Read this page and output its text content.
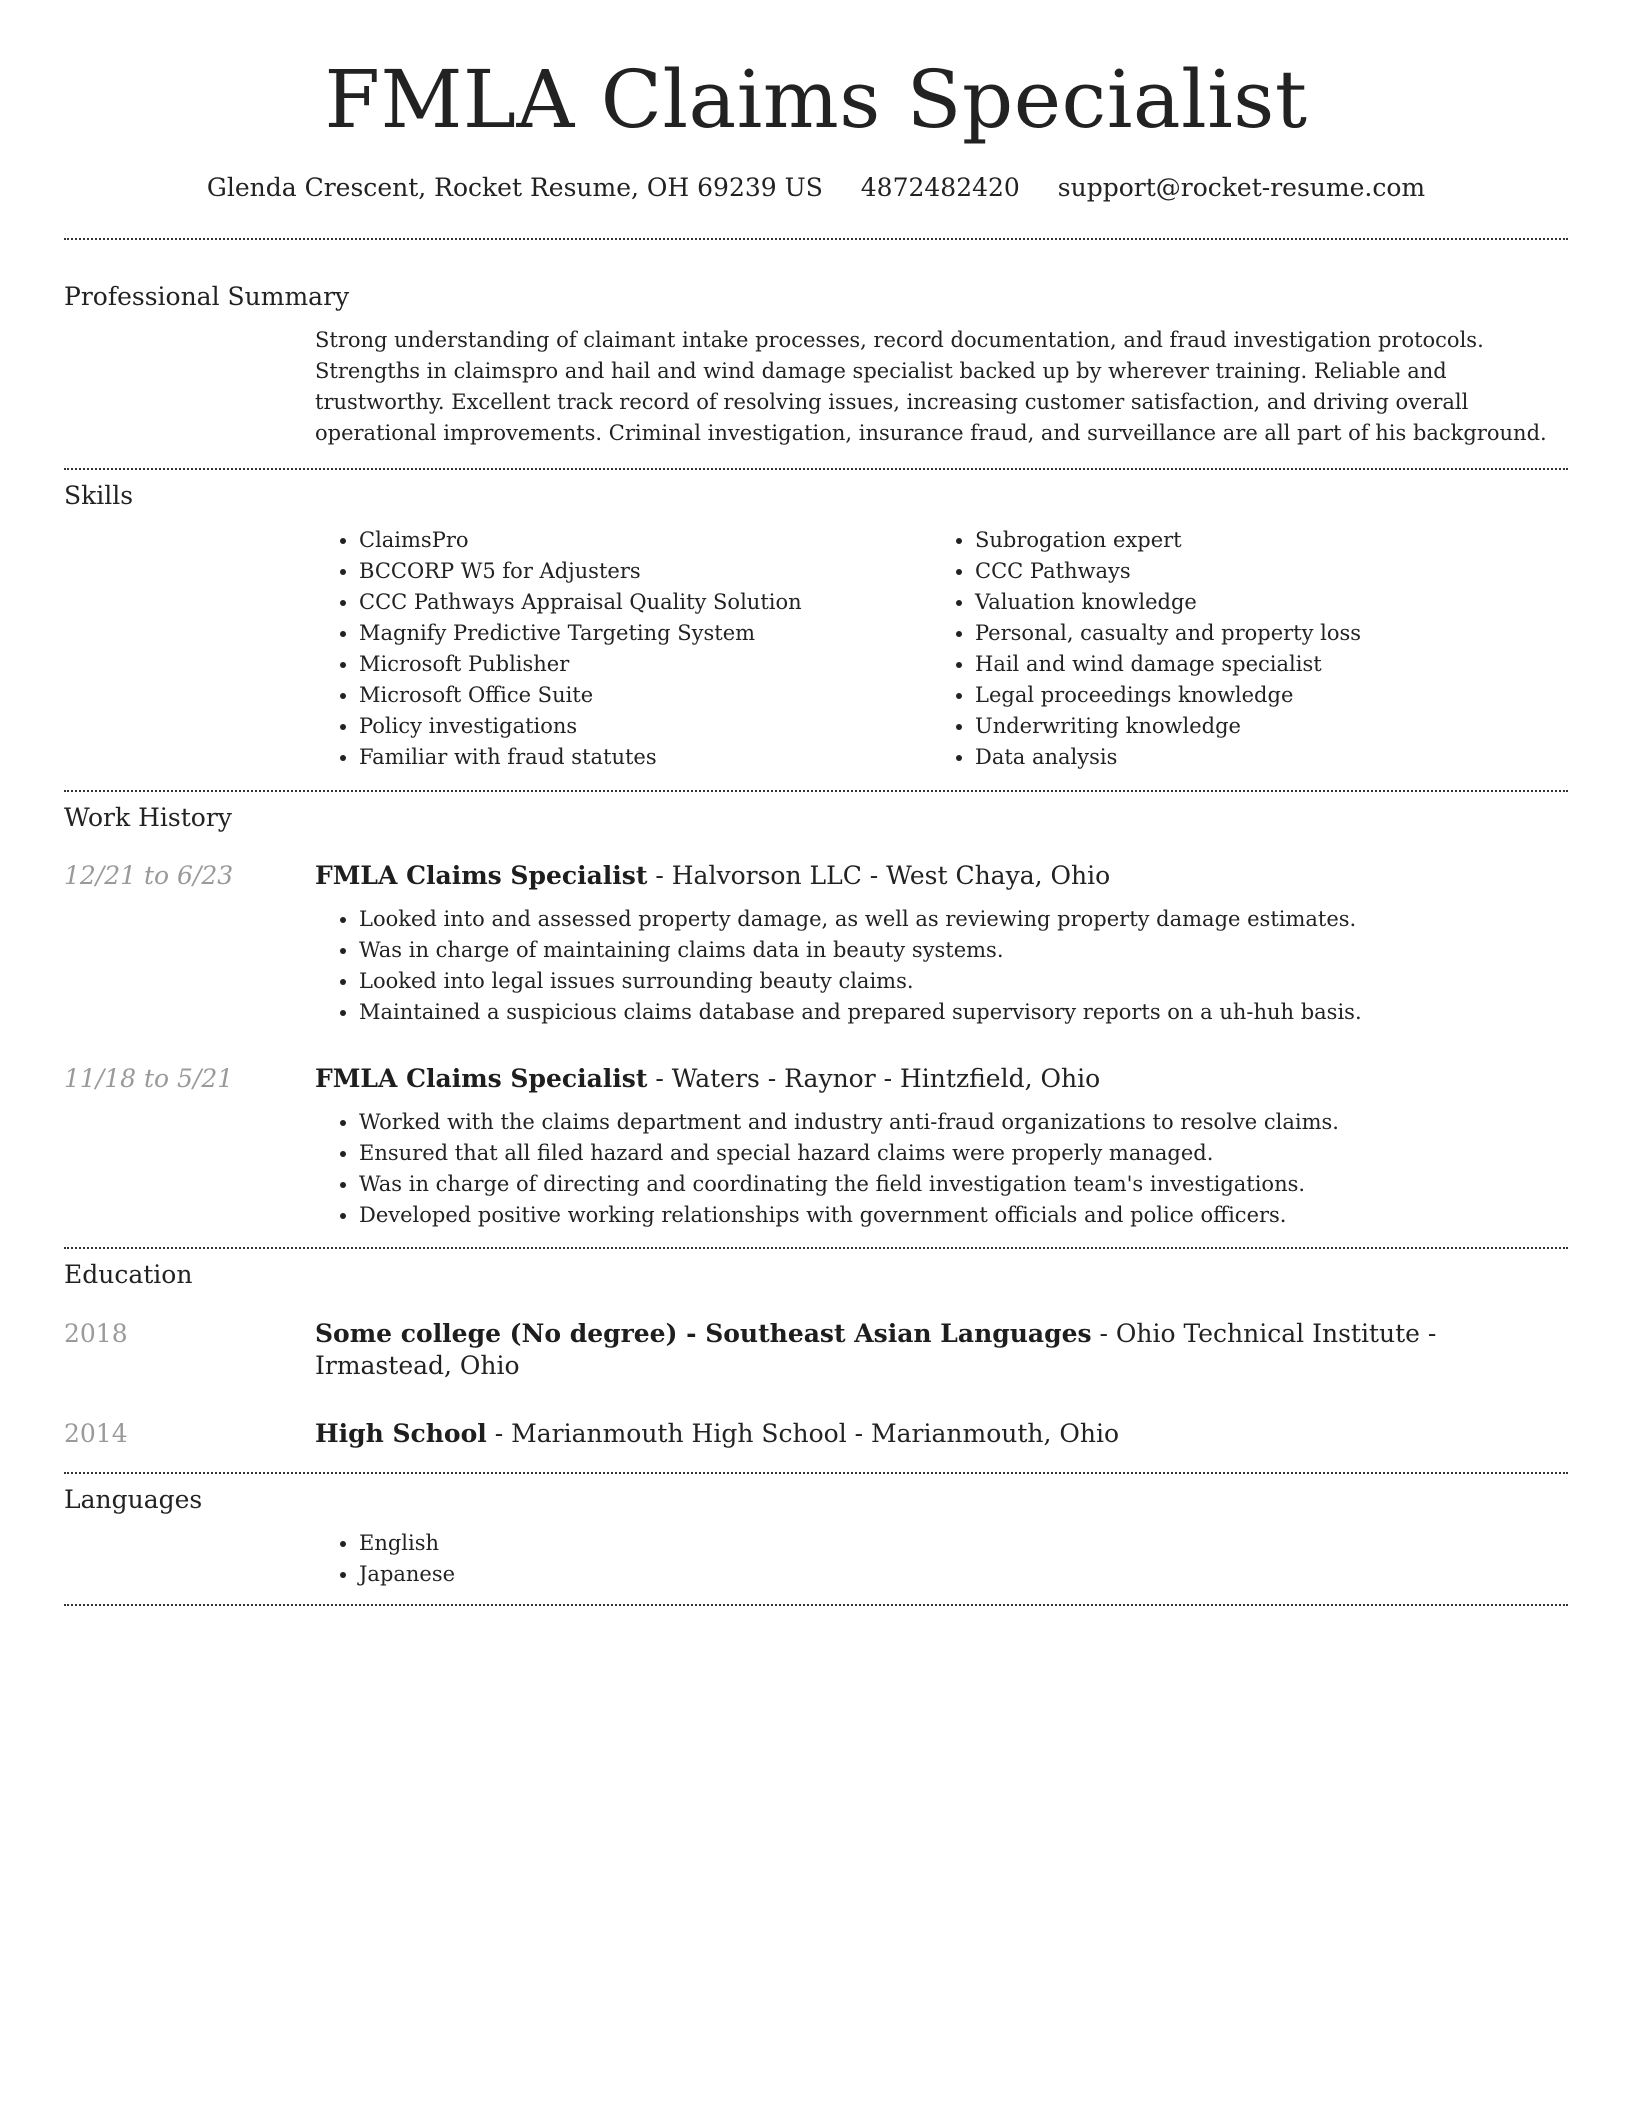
FMLA Claims Specialist
Glenda Crescent, Rocket Resume, OH 69239 US 4872482420 support@rocket-resume.com
Professional Summary

Strong understanding of claimant intake processes, record documentation, and fraud investigation protocols. Strengths in claimspro and hail and wind damage specialist backed up by wherever training. Reliable and trustworthy. Excellent track record of resolving issues, increasing customer satisfaction, and driving overall operational improvements. Criminal investigation, insurance fraud, and surveillance are all part of his background.

Skills
• ClaimsPro
• BCCORP W5 for Adjusters
• CCC Pathways Appraisal Quality Solution
• Magnify Predictive Targeting System
• Microsoft Publisher
• Microsoft Office Suite
• Policy investigations
• Familiar with fraud statutes
• Subrogation expert
• CCC Pathways
• Valuation knowledge
• Personal, casualty and property loss
• Hail and wind damage specialist
• Legal proceedings knowledge
• Underwriting knowledge
• Data analysis
Work History
12/21 to 6/23	FMLA Claims Specialist - Halvorson LLC - West Chaya, Ohio
• Looked into and assessed property damage, as well as reviewing property damage estimates.
• Was in charge of maintaining claims data in beauty systems.
• Looked into legal issues surrounding beauty claims.
• Maintained a suspicious claims database and prepared supervisory reports on a uh-huh basis.
11/18 to 5/21	FMLA Claims Specialist - Waters - Raynor - Hintzfield, Ohio
• Worked with the claims department and industry anti-fraud organizations to resolve claims.
• Ensured that all filed hazard and special hazard claims were properly managed.
• Was in charge of directing and coordinating the field investigation team's investigations.
• Developed positive working relationships with government officials and police officers.
Education
2018	Some college (No degree) - Southeast Asian Languages - Ohio Technical Institute - Irmastead, Ohio
2014	High School - Marianmouth High School - Marianmouth, Ohio
Languages
• English
• Japanese
